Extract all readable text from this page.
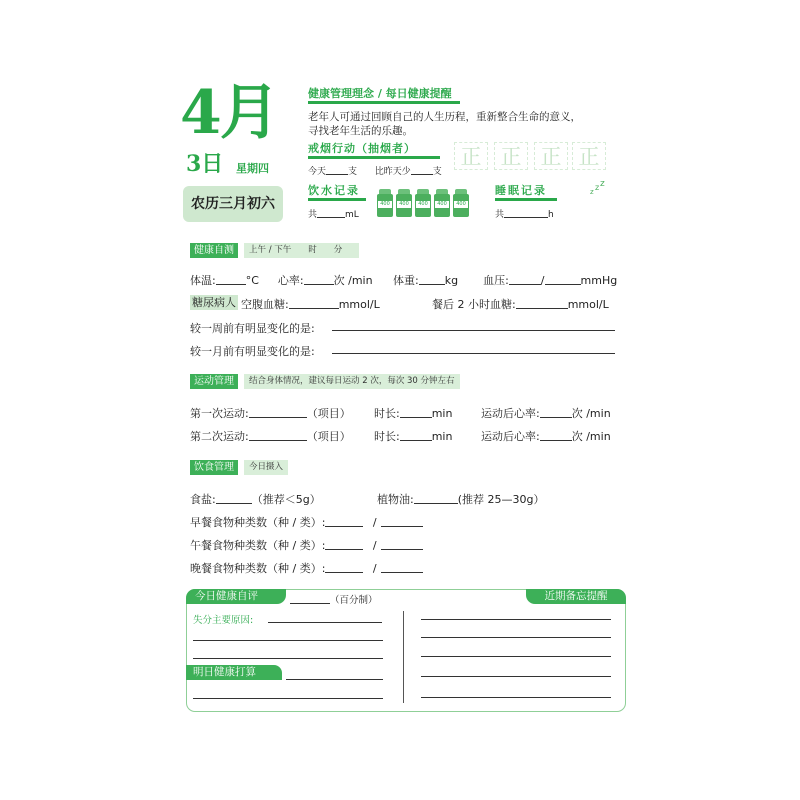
4月
3日 星期四
农历三月初六
健康管理理念 / 每日健康提醒
老年人可通过回顾自己的人生历程，重新整合生命的意义，
寻找老年生活的乐趣。
戒烟行动（抽烟者）
今天 支 比昨天少 支
正 正 正 正
饮水记录
共	mL
400	400	400	400	400
睡眠记录
共	h
z z z
健康自测	上午 / 下午　　时　　分
体温:	°C 心率:	次 /min 体重: kg 血压:	/	mmHg
糖尿病人 空腹血糖:	mmol/L	餐后 2 小时血糖:	mmol/L
较一周前有明显变化的是:
较一月前有明显变化的是:
运动管理	结合身体情况，建议每日运动 2 次，每次 30 分钟左右
第一次运动:	（项目） 时长:	min	运动后心率:	次 /min
第二次运动:	（项目） 时长:	min	运动后心率:	次 /min
饮食管理	今日摄入
食盐:	（推荐＜5g）	植物油:	(推荐 25—30g）
早餐食物种类数（种 / 类）:	/
午餐食物种类数（种 / 类）:	/
晚餐食物种类数（种 / 类）:	/
今日健康自评	（百分制）	近期备忘提醒
失分主要原因:
明日健康打算
